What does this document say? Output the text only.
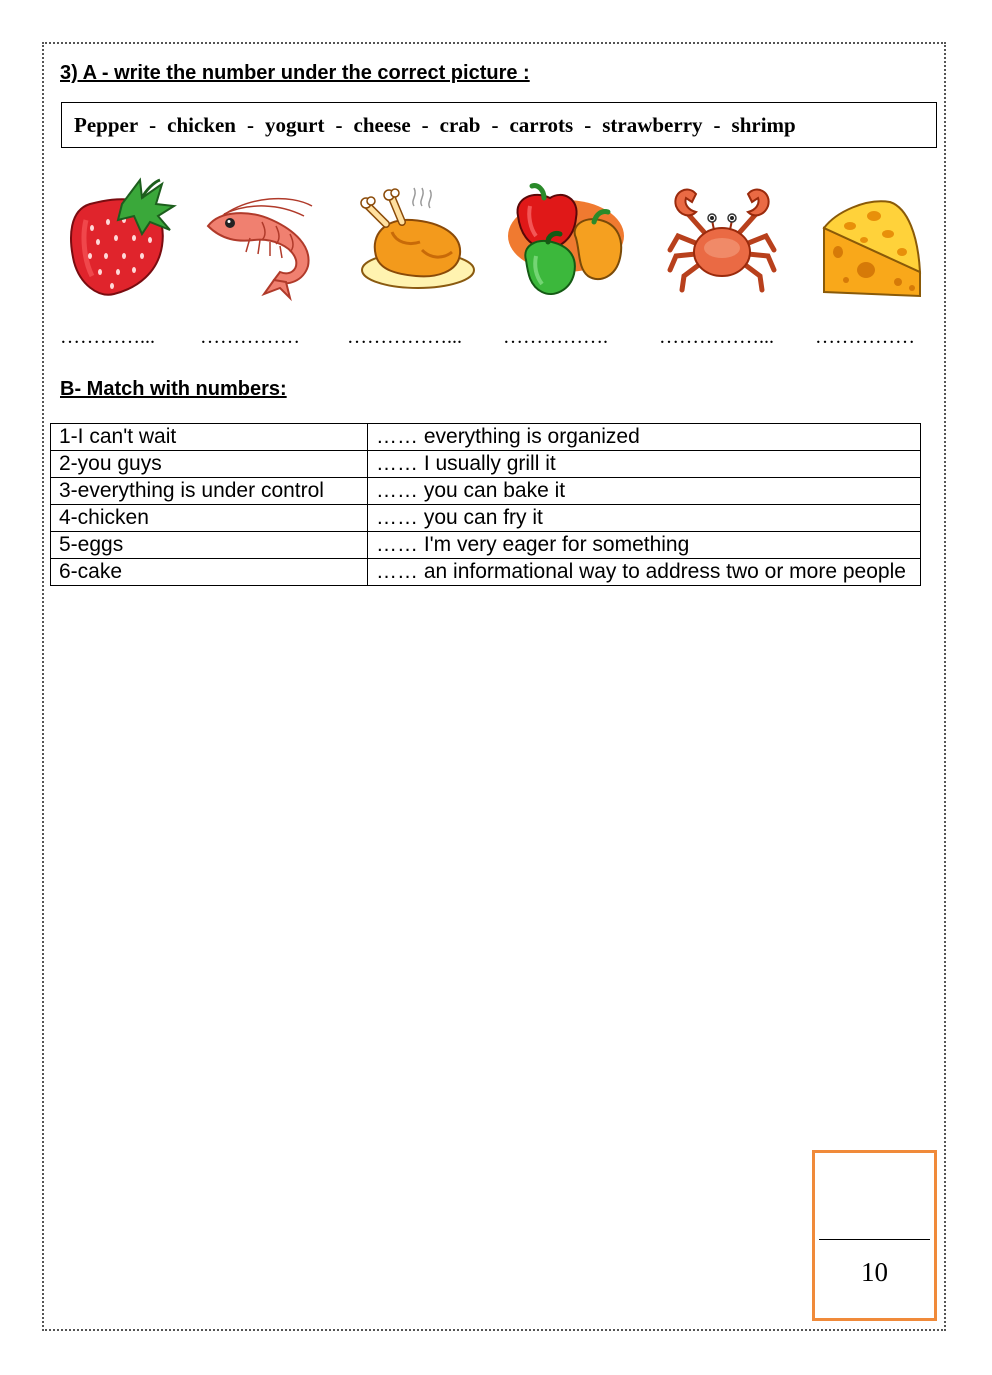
3) A - write the number under the correct picture :
Pepper - chicken - yogurt - cheese - crab - carrots - strawberry - shrimp
…………... …………… ……………... …………….	……………... ……………
B- Match with numbers:
1-I can't wait	…… everything is organized
2-you guys	…… I usually grill it
3-everything is under control	…… you can bake it
4-chicken	…… you can fry it
5-eggs	…… I'm very eager for something
6-cake	…… an informational way to address two or more people
10
